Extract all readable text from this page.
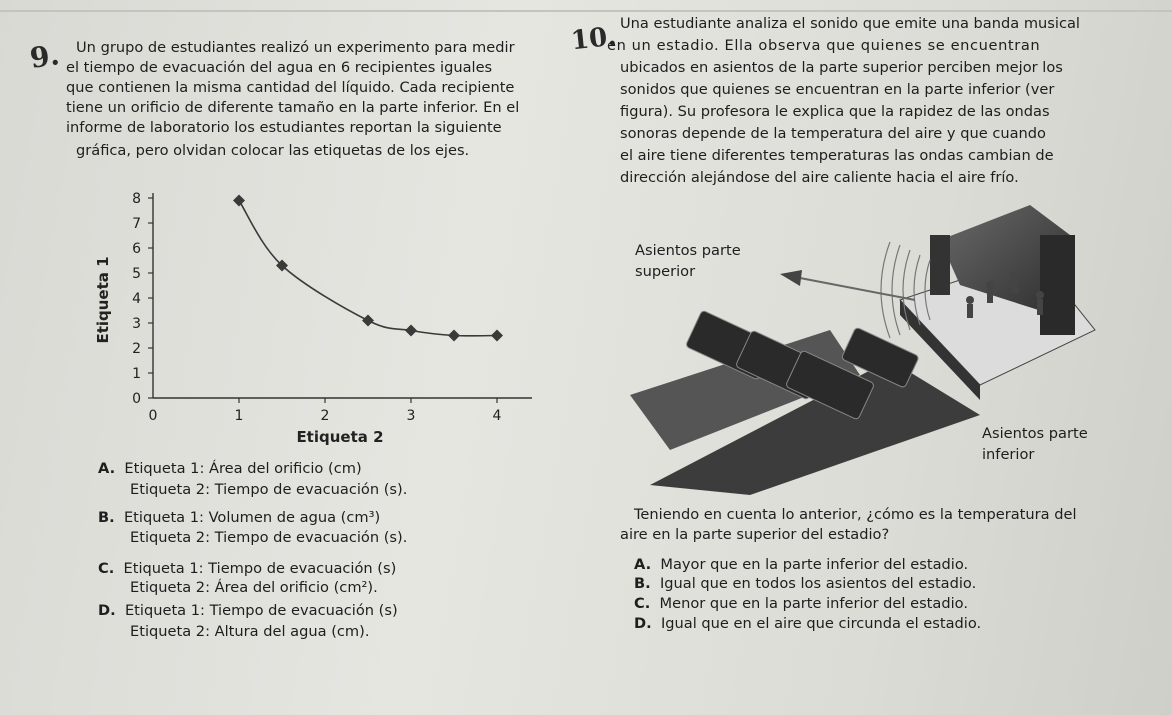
9. Un grupo de estudiantes realizó un experimento para medir
el tiempo de evacuación del agua en 6 recipientes iguales
que contienen la misma cantidad del líquido. Cada recipiente
tiene un orificio de diferente tamaño en la parte inferior. En el
informe de laboratorio los estudiantes reportan la siguiente
gráfica, pero olvidan colocar las etiquetas de los ejes.
0
1
2
3
4
5
6
7
8
0	1	2	3	4
Etiqueta 2
Etiqueta 1
A. Etiqueta 1: Área del orificio (cm)
Etiqueta 2: Tiempo de evacuación (s).
B. Etiqueta 1: Volumen de agua (cm³)
Etiqueta 2: Tiempo de evacuación (s).
C. Etiqueta 1: Tiempo de evacuación (s)
Etiqueta 2: Área del orificio (cm²).
D. Etiqueta 1: Tiempo de evacuación (s)
Etiqueta 2: Altura del agua (cm).
10. Una estudiante analiza el sonido que emite una banda musical
en un estadio. Ella observa que quienes se encuentran
ubicados en asientos de la parte superior perciben mejor los
sonidos que quienes se encuentran en la parte inferior (ver
figura). Su profesora le explica que la rapidez de las ondas
sonoras depende de la temperatura del aire y que cuando
el aire tiene diferentes temperaturas las ondas cambian de
dirección alejándose del aire caliente hacia el aire frío.
Asientos parte
superior
Asientos parte
inferior
Teniendo en cuenta lo anterior, ¿cómo es la temperatura del
aire en la parte superior del estadio?
A. Mayor que en la parte inferior del estadio.
B. Igual que en todos los asientos del estadio.
C. Menor que en la parte inferior del estadio.
D. Igual que en el aire que circunda el estadio.
